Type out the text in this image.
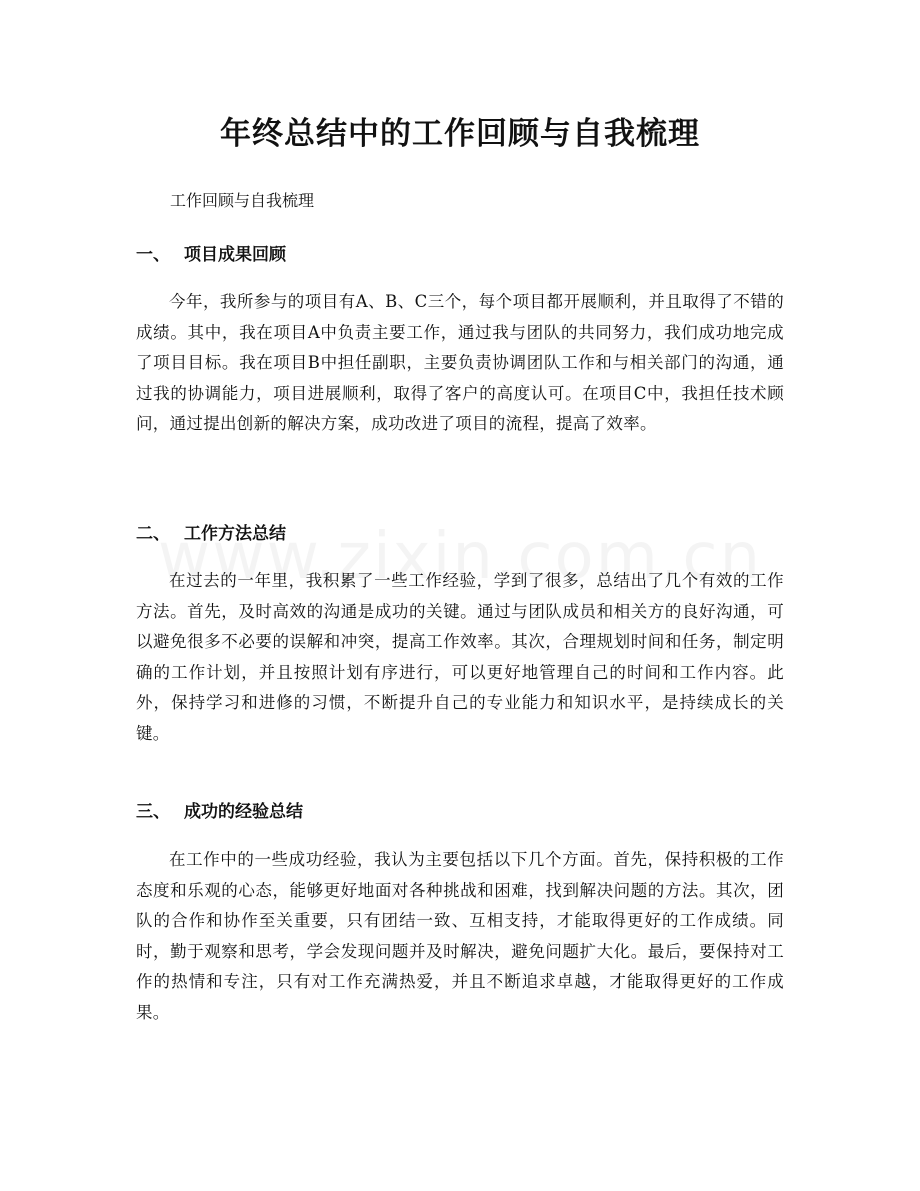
年终总结中的工作回顾与自我梳理

工作回顾与自我梳理

一、 项目成果回顾

今年，我所参与的项目有A、B、C三个，每个项目都开展顺利，并且取得了不错的成绩。其中，我在项目A中负责主要工作，通过我与团队的共同努力，我们成功地完成了项目目标。我在项目B中担任副职，主要负责协调团队工作和与相关部门的沟通，通过我的协调能力，项目进展顺利，取得了客户的高度认可。在项目C中，我担任技术顾问，通过提出创新的解决方案，成功改进了项目的流程，提高了效率。

二、 工作方法总结

在过去的一年里，我积累了一些工作经验，学到了很多，总结出了几个有效的工作方法。首先，及时高效的沟通是成功的关键。通过与团队成员和相关方的良好沟通，可以避免很多不必要的误解和冲突，提高工作效率。其次，合理规划时间和任务，制定明确的工作计划，并且按照计划有序进行，可以更好地管理自己的时间和工作内容。此外，保持学习和进修的习惯，不断提升自己的专业能力和知识水平，是持续成长的关键。

三、 成功的经验总结

在工作中的一些成功经验，我认为主要包括以下几个方面。首先，保持积极的工作态度和乐观的心态，能够更好地面对各种挑战和困难，找到解决问题的方法。其次，团队的合作和协作至关重要，只有团结一致、互相支持，才能取得更好的工作成绩。同时，勤于观察和思考，学会发现问题并及时解决，避免问题扩大化。最后，要保持对工作的热情和专注，只有对工作充满热爱，并且不断追求卓越，才能取得更好的工作成果。
